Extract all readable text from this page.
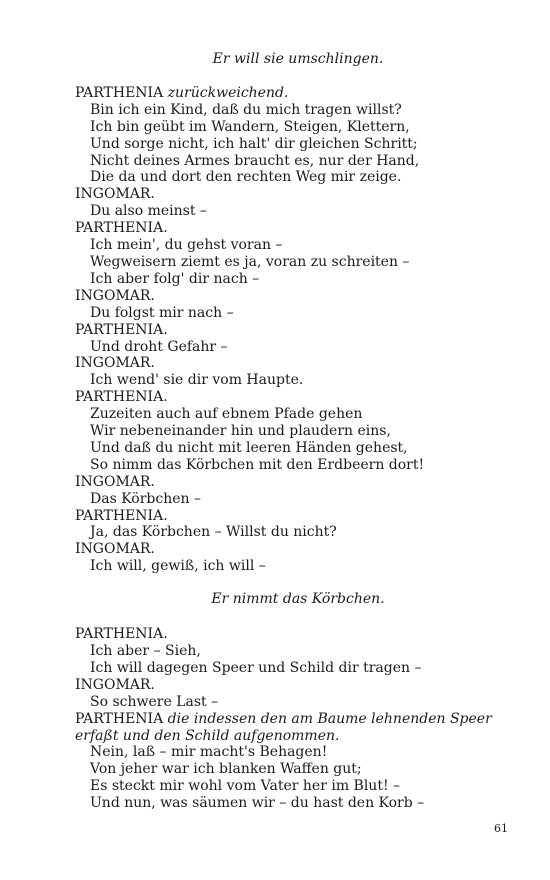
Er will sie umschlingen.
PARTHENIA zurückweichend.
Bin ich ein Kind, daß du mich tragen willst?
Ich bin geübt im Wandern, Steigen, Klettern,
Und sorge nicht, ich halt' dir gleichen Schritt;
Nicht deines Armes braucht es, nur der Hand,
Die da und dort den rechten Weg mir zeige.
INGOMAR.
Du also meinst –
PARTHENIA.
Ich mein', du gehst voran –
Wegweisern ziemt es ja, voran zu schreiten –
Ich aber folg' dir nach –
INGOMAR.
Du folgst mir nach –
PARTHENIA.
Und droht Gefahr –
INGOMAR.
Ich wend' sie dir vom Haupte.
PARTHENIA.
Zuzeiten auch auf ebnem Pfade gehen
Wir nebeneinander hin und plaudern eins,
Und daß du nicht mit leeren Händen gehest,
So nimm das Körbchen mit den Erdbeern dort!
INGOMAR.
Das Körbchen –
PARTHENIA.
Ja, das Körbchen – Willst du nicht?
INGOMAR.
Ich will, gewiß, ich will –
Er nimmt das Körbchen.
PARTHENIA.
Ich aber – Sieh,
Ich will dagegen Speer und Schild dir tragen –
INGOMAR.
So schwere Last –
PARTHENIA die indessen den am Baume lehnenden Speer erfaßt und den Schild aufgenommen.
Nein, laß – mir macht's Behagen!
Von jeher war ich blanken Waffen gut;
Es steckt mir wohl vom Vater her im Blut! –
Und nun, was säumen wir – du hast den Korb –
61
